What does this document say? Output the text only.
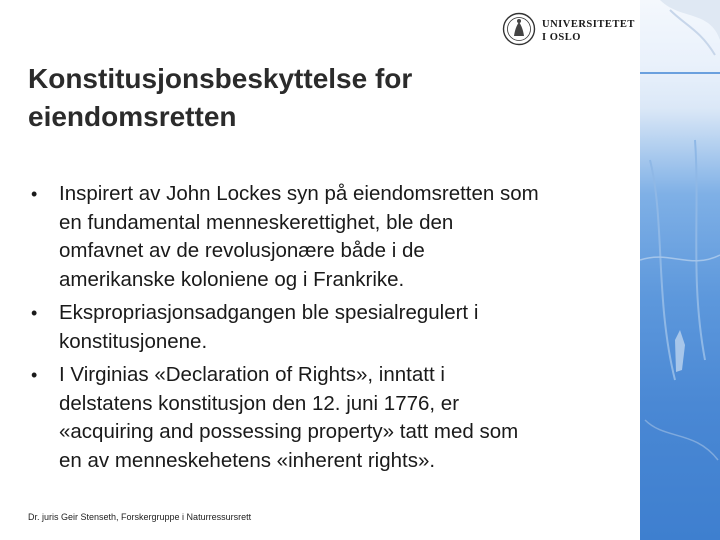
UNIVERSITETET
I OSLO
Konstitusjonsbeskyttelse for
eiendomsretten
• Inspirert av John Lockes syn på eiendomsretten som
en fundamental menneskerettighet, ble den
omfavnet av de revolusjonære både i de
amerikanske koloniene og i Frankrike.
• Ekspropriasjonsadgangen ble spesialregulert i
konstitusjonene.
• I Virginias «Declaration of Rights», inntatt i
delstatens konstitusjon den 12. juni 1776, er
«acquiring and possessing property» tatt med som
en av menneskehetens «inherent rights».
Dr. juris Geir Stenseth, Forskergruppe i Naturressursrett
